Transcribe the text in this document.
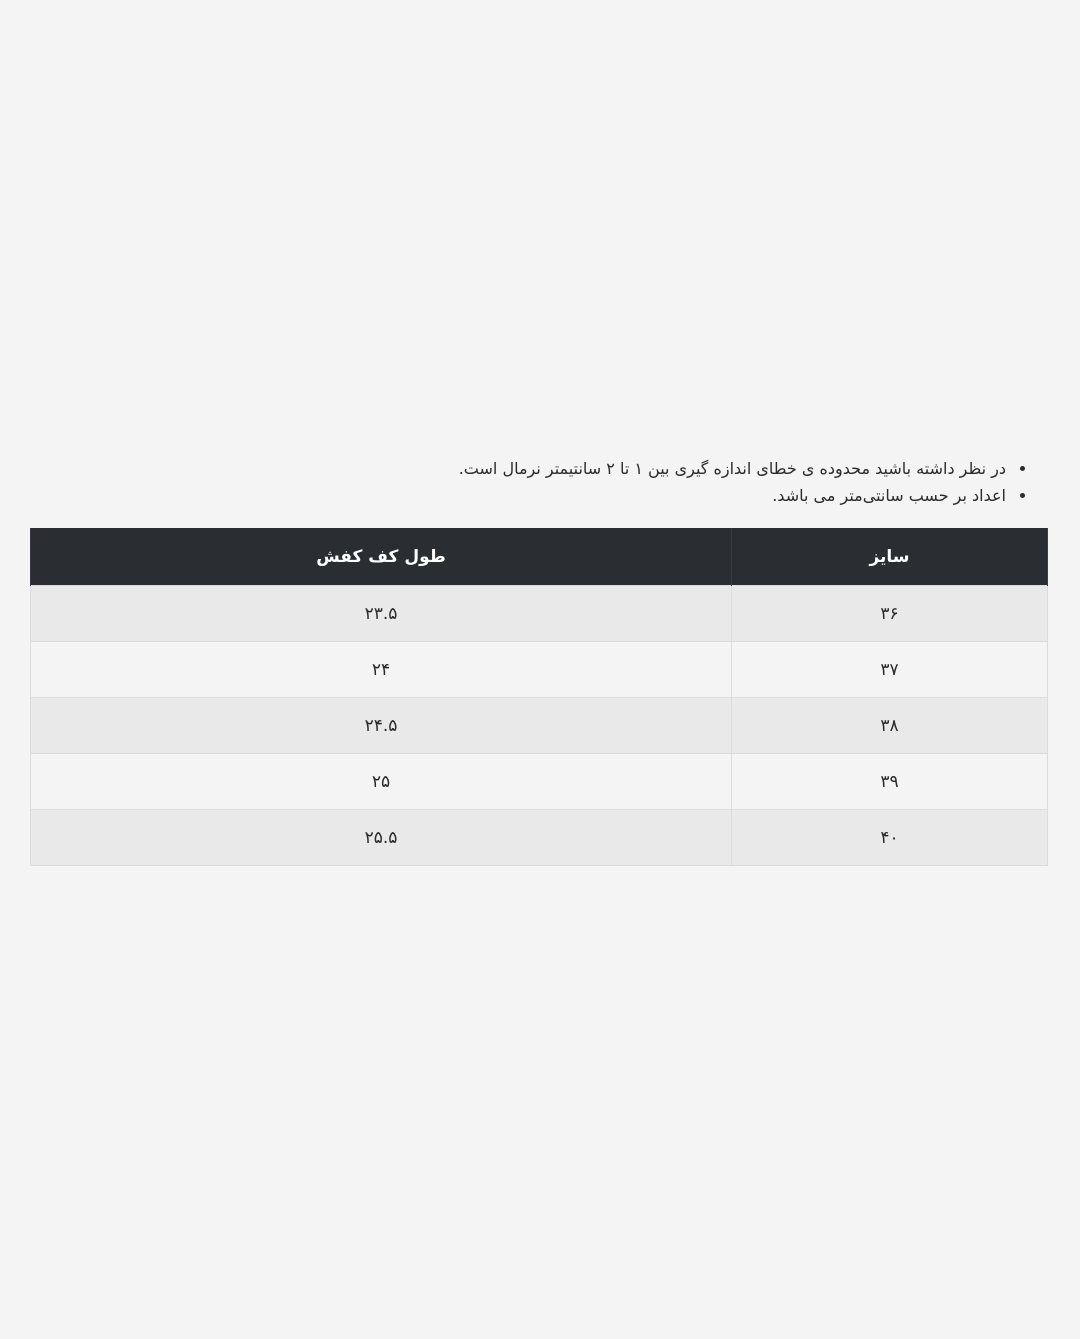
• در نظر داشته باشید محدوده ی خطای اندازه گیری بین ۱ تا ۲ سانتیمتر نرمال است.
• اعداد بر حسب سانتی‌متر می باشد.
سایز	طول کف کفش
۳۶	۲۳.۵
۳۷	۲۴
۳۸	۲۴.۵
۳۹	۲۵
۴۰	۲۵.۵
